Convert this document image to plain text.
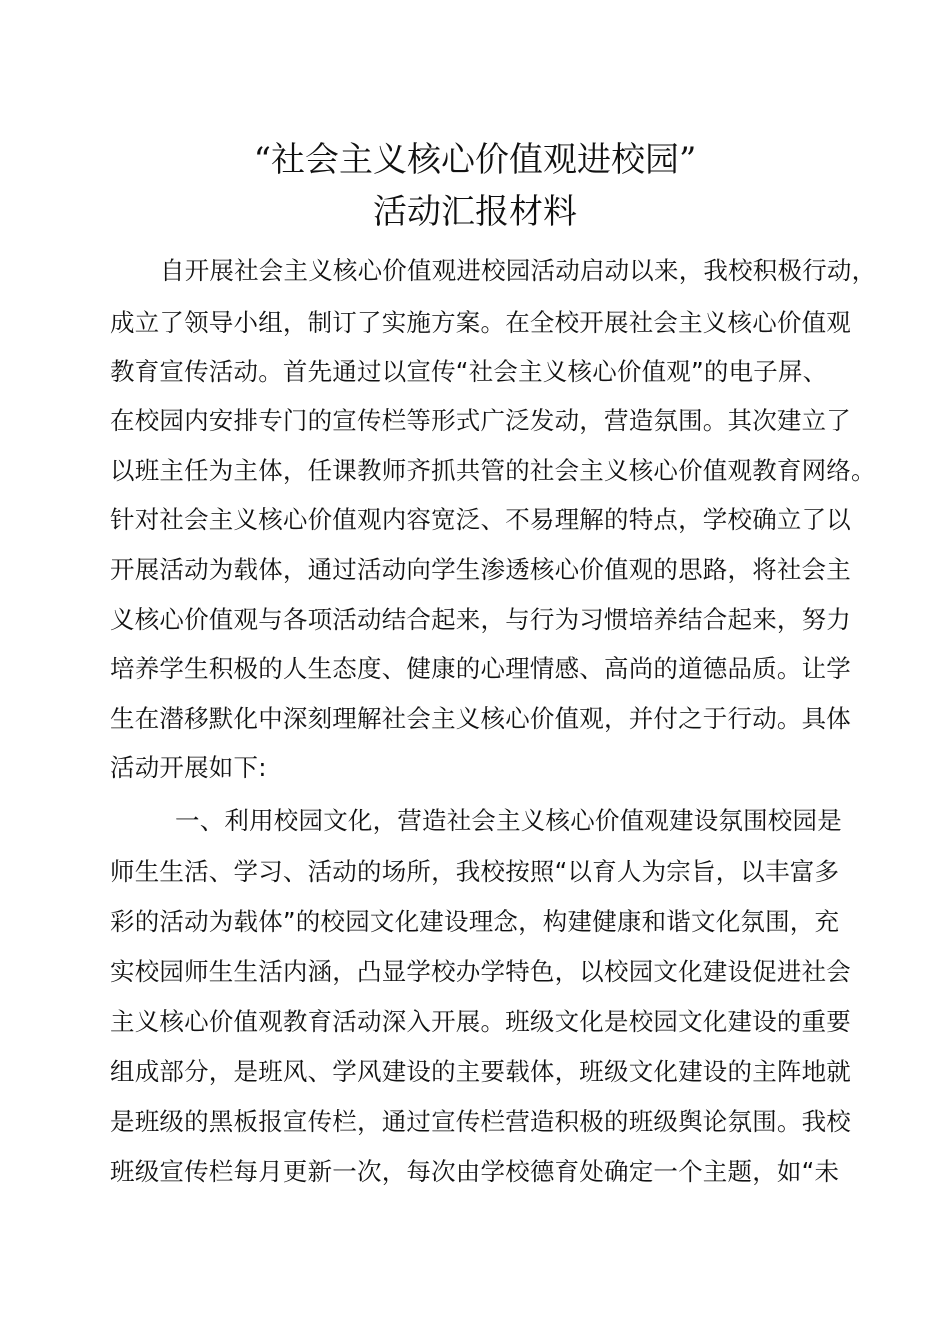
“社会主义核心价值观进校园”
活动汇报材料
自开展社会主义核心价值观进校园活动启动以来，我校积极行动，
成立了领导小组，制订了实施方案。在全校开展社会主义核心价值观
教育宣传活动。首先通过以宣传“社会主义核心价值观”的电子屏、
在校园内安排专门的宣传栏等形式广泛发动，营造氛围。其次建立了
以班主任为主体，任课教师齐抓共管的社会主义核心价值观教育网络。
针对社会主义核心价值观内容宽泛、不易理解的特点，学校确立了以
开展活动为载体，通过活动向学生渗透核心价值观的思路，将社会主
义核心价值观与各项活动结合起来，与行为习惯培养结合起来，努力
培养学生积极的人生态度、健康的心理情感、高尚的道德品质。让学
生在潜移默化中深刻理解社会主义核心价值观，并付之于行动。具体
活动开展如下:
一、利用校园文化，营造社会主义核心价值观建设氛围校园是
师生生活、学习、活动的场所，我校按照“以育人为宗旨，以丰富多
彩的活动为载体”的校园文化建设理念，构建健康和谐文化氛围，充
实校园师生生活内涵，凸显学校办学特色，以校园文化建设促进社会
主义核心价值观教育活动深入开展。班级文化是校园文化建设的重要
组成部分，是班风、学风建设的主要载体，班级文化建设的主阵地就
是班级的黑板报宣传栏，通过宣传栏营造积极的班级舆论氛围。我校
班级宣传栏每月更新一次，每次由学校德育处确定一个主题，如“未
